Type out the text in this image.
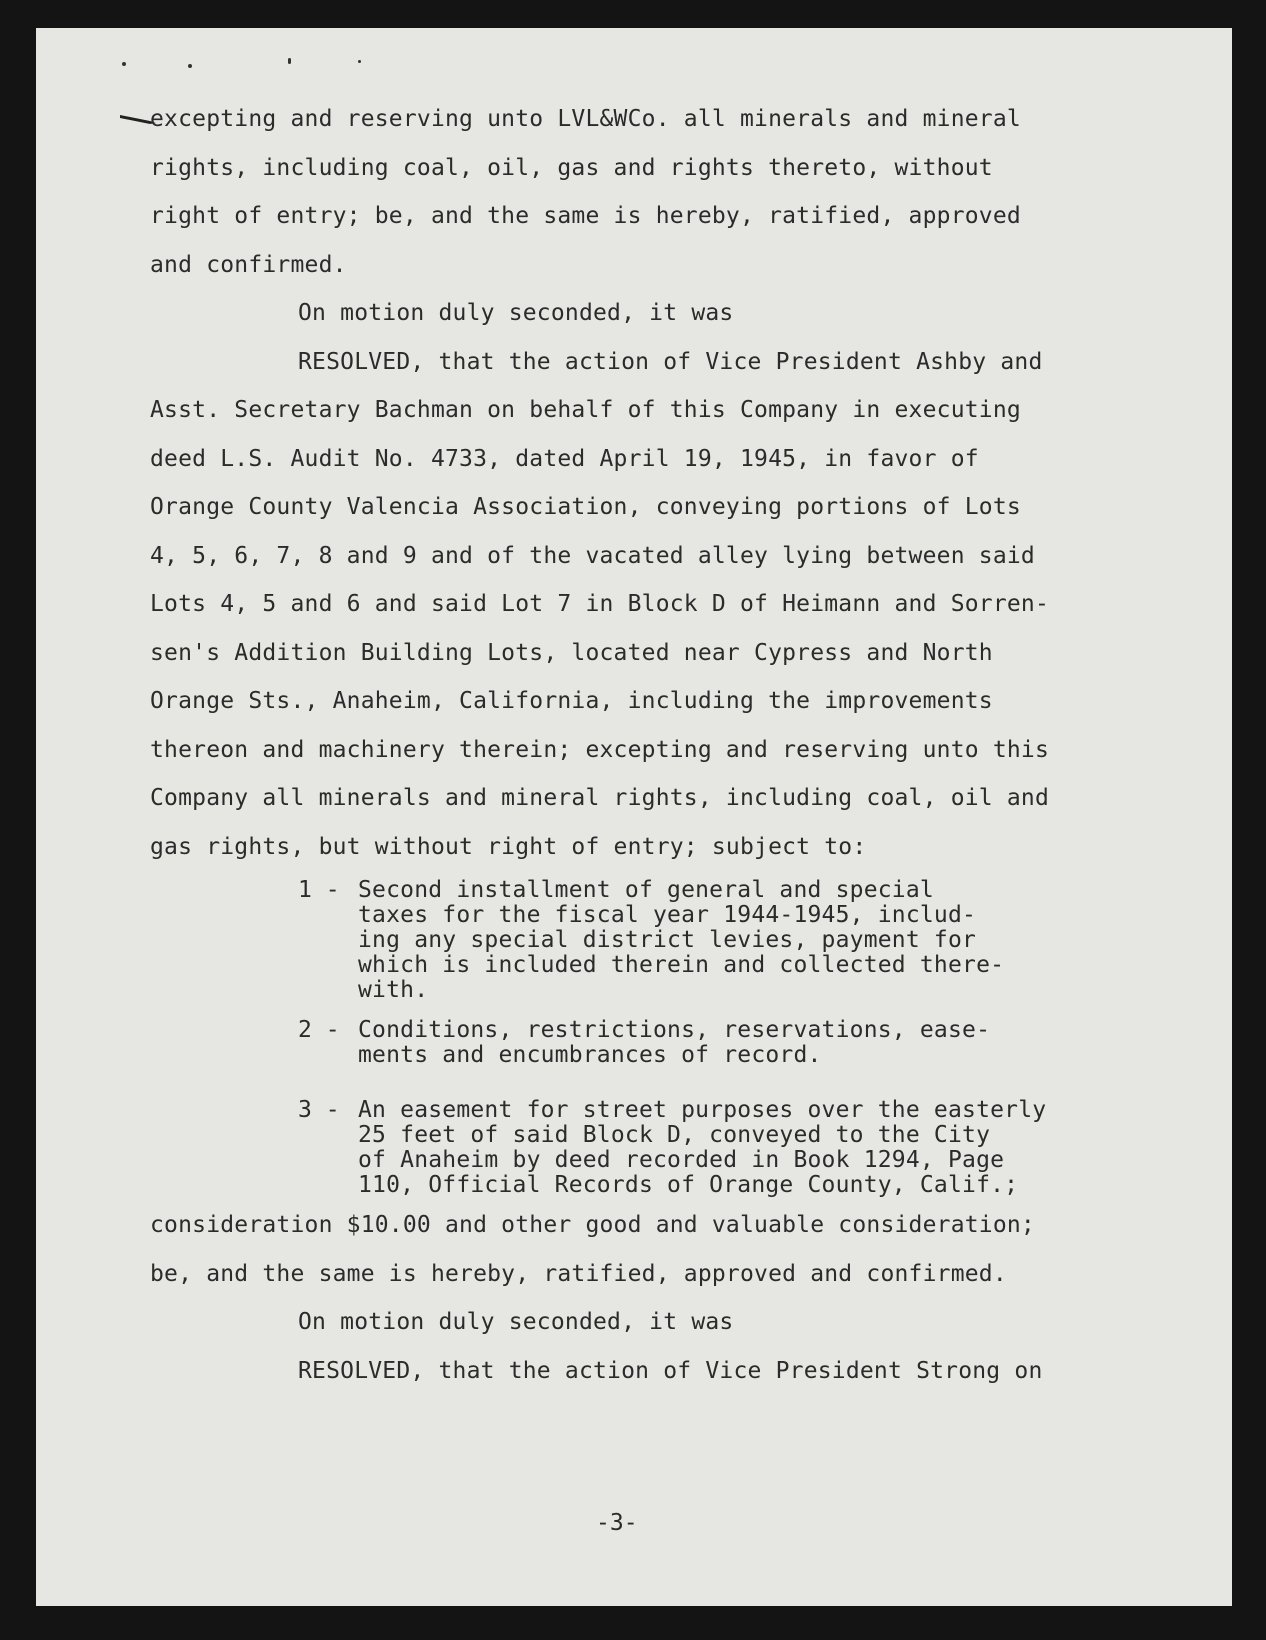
excepting and reserving unto LVL&WCo. all minerals and mineral
rights, including coal, oil, gas and rights thereto, without
right of entry; be, and the same is hereby, ratified, approved
and confirmed.
On motion duly seconded, it was
RESOLVED, that the action of Vice President Ashby and
Asst. Secretary Bachman on behalf of this Company in executing
deed L.S. Audit No. 4733, dated April 19, 1945, in favor of
Orange County Valencia Association, conveying portions of Lots
4, 5, 6, 7, 8 and 9 and of the vacated alley lying between said
Lots 4, 5 and 6 and said Lot 7 in Block D of Heimann and Sorren-
sen's Addition Building Lots, located near Cypress and North
Orange Sts., Anaheim, California, including the improvements
thereon and machinery therein; excepting and reserving unto this
Company all minerals and mineral rights, including coal, oil and
gas rights, but without right of entry; subject to:
1 - Second installment of general and special
taxes for the fiscal year 1944-1945, includ-
ing any special district levies, payment for
which is included therein and collected there-
with.
2 - Conditions, restrictions, reservations, ease-
ments and encumbrances of record.
3 - An easement for street purposes over the easterly
25 feet of said Block D, conveyed to the City
of Anaheim by deed recorded in Book 1294, Page
110, Official Records of Orange County, Calif.;
consideration $10.00 and other good and valuable consideration;
be, and the same is hereby, ratified, approved and confirmed.
On motion duly seconded, it was
RESOLVED, that the action of Vice President Strong on
-3-
